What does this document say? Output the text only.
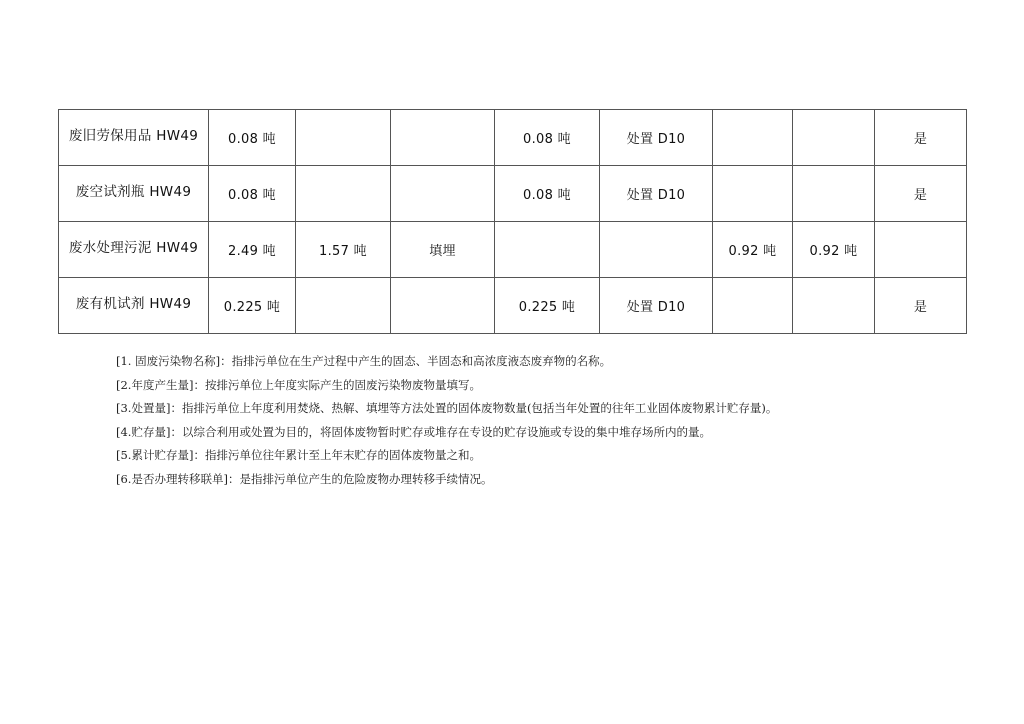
废旧劳保用品 HW49	0.08 吨			0.08 吨	处置 D10			是
废空试剂瓶 HW49	0.08 吨			0.08 吨	处置 D10			是
废水处理污泥 HW49	2.49 吨	1.57 吨	填埋			0.92 吨	0.92 吨	
废有机试剂 HW49	0.225 吨			0.225 吨	处置 D10			是
[1. 固废污染物名称]：指排污单位在生产过程中产生的固态、半固态和高浓度液态废弃物的名称。
[2.年度产生量]：按排污单位上年度实际产生的固废污染物废物量填写。
[3.处置量]：指排污单位上年度利用焚烧、热解、填埋等方法处置的固体废物数量(包括当年处置的往年工业固体废物累计贮存量)。
[4.贮存量]：以综合利用或处置为目的，将固体废物暂时贮存或堆存在专设的贮存设施或专设的集中堆存场所内的量。
[5.累计贮存量]：指排污单位往年累计至上年末贮存的固体废物量之和。
[6.是否办理转移联单]：是指排污单位产生的危险废物办理转移手续情况。
